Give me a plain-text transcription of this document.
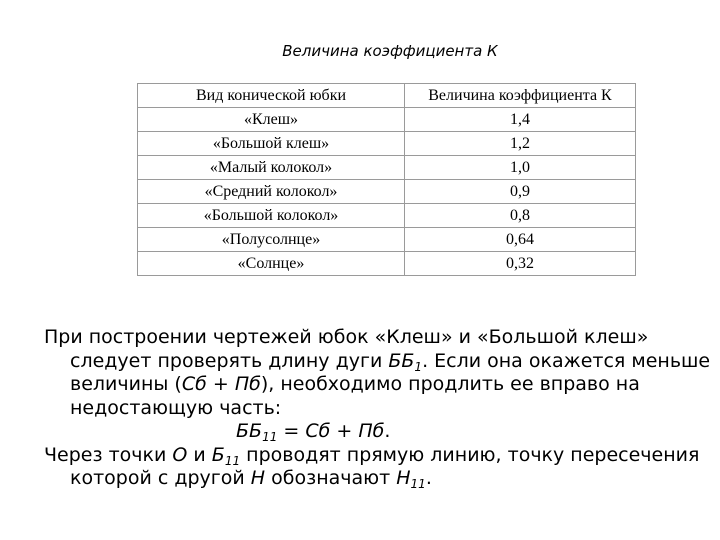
Величина коэффициента К
Вид конической юбки	Величина коэффициента К
«Клеш»	1,4
«Большой клеш»	1,2
«Малый колокол»	1,0
«Средний колокол»	0,9
«Большой колокол»	0,8
«Полусолнце»	0,64
«Солнце»	0,32

При построении чертежей юбок «Клеш» и «Большой клеш» следует проверять длину дуги $ББ_1$. Если она окажется меньше величины (Сб + Пб), необходимо продлить ее вправо на недостающую часть:

$ББ_{11}$ = Сб + Пб.

Через точки О и $Б_{11}$ проводят прямую линию, точку пересечения которой с другой Н обозначают $Н_{11}$.
